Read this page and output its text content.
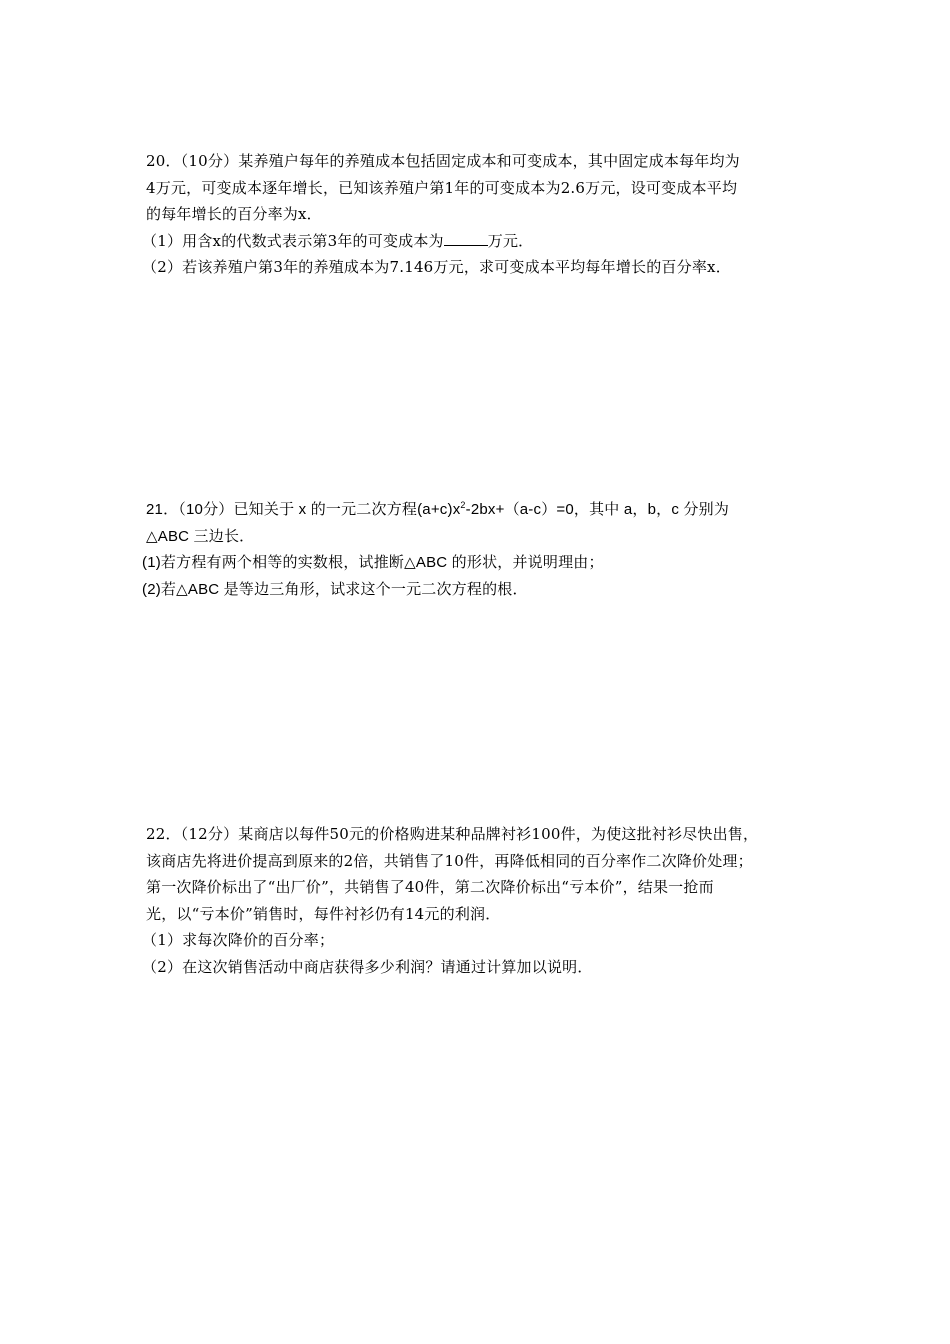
20．（10分）某养殖户每年的养殖成本包括固定成本和可变成本，其中固定成本每年均为
4万元，可变成本逐年增长，已知该养殖户第1年的可变成本为2.6万元，设可变成本平均
的每年增长的百分率为x．
（1）用含x的代数式表示第3年的可变成本为	万元．
（2）若该养殖户第3年的养殖成本为7.146万元，求可变成本平均每年增长的百分率x．
21．（10分）已知关于 x 的一元二次方程$(a+c)x^2-2bx+(a-c)=0$，其中 a，b，c 分别为
△ABC 三边长．
(1)若方程有两个相等的实数根，试推断△ABC 的形状，并说明理由；
(2)若△ABC 是等边三角形，试求这个一元二次方程的根．
22．（12分）某商店以每件50元的价格购进某种品牌衬衫100件，为使这批衬衫尽快出售，
该商店先将进价提高到原来的2倍，共销售了10件，再降低相同的百分率作二次降价处理；
第一次降价标出了“出厂价”，共销售了40件，第二次降价标出“亏本价”，结果一抢而
光，以“亏本价”销售时，每件衬衫仍有14元的利润．
（1）求每次降价的百分率；
（2）在这次销售活动中商店获得多少利润？请通过计算加以说明．
